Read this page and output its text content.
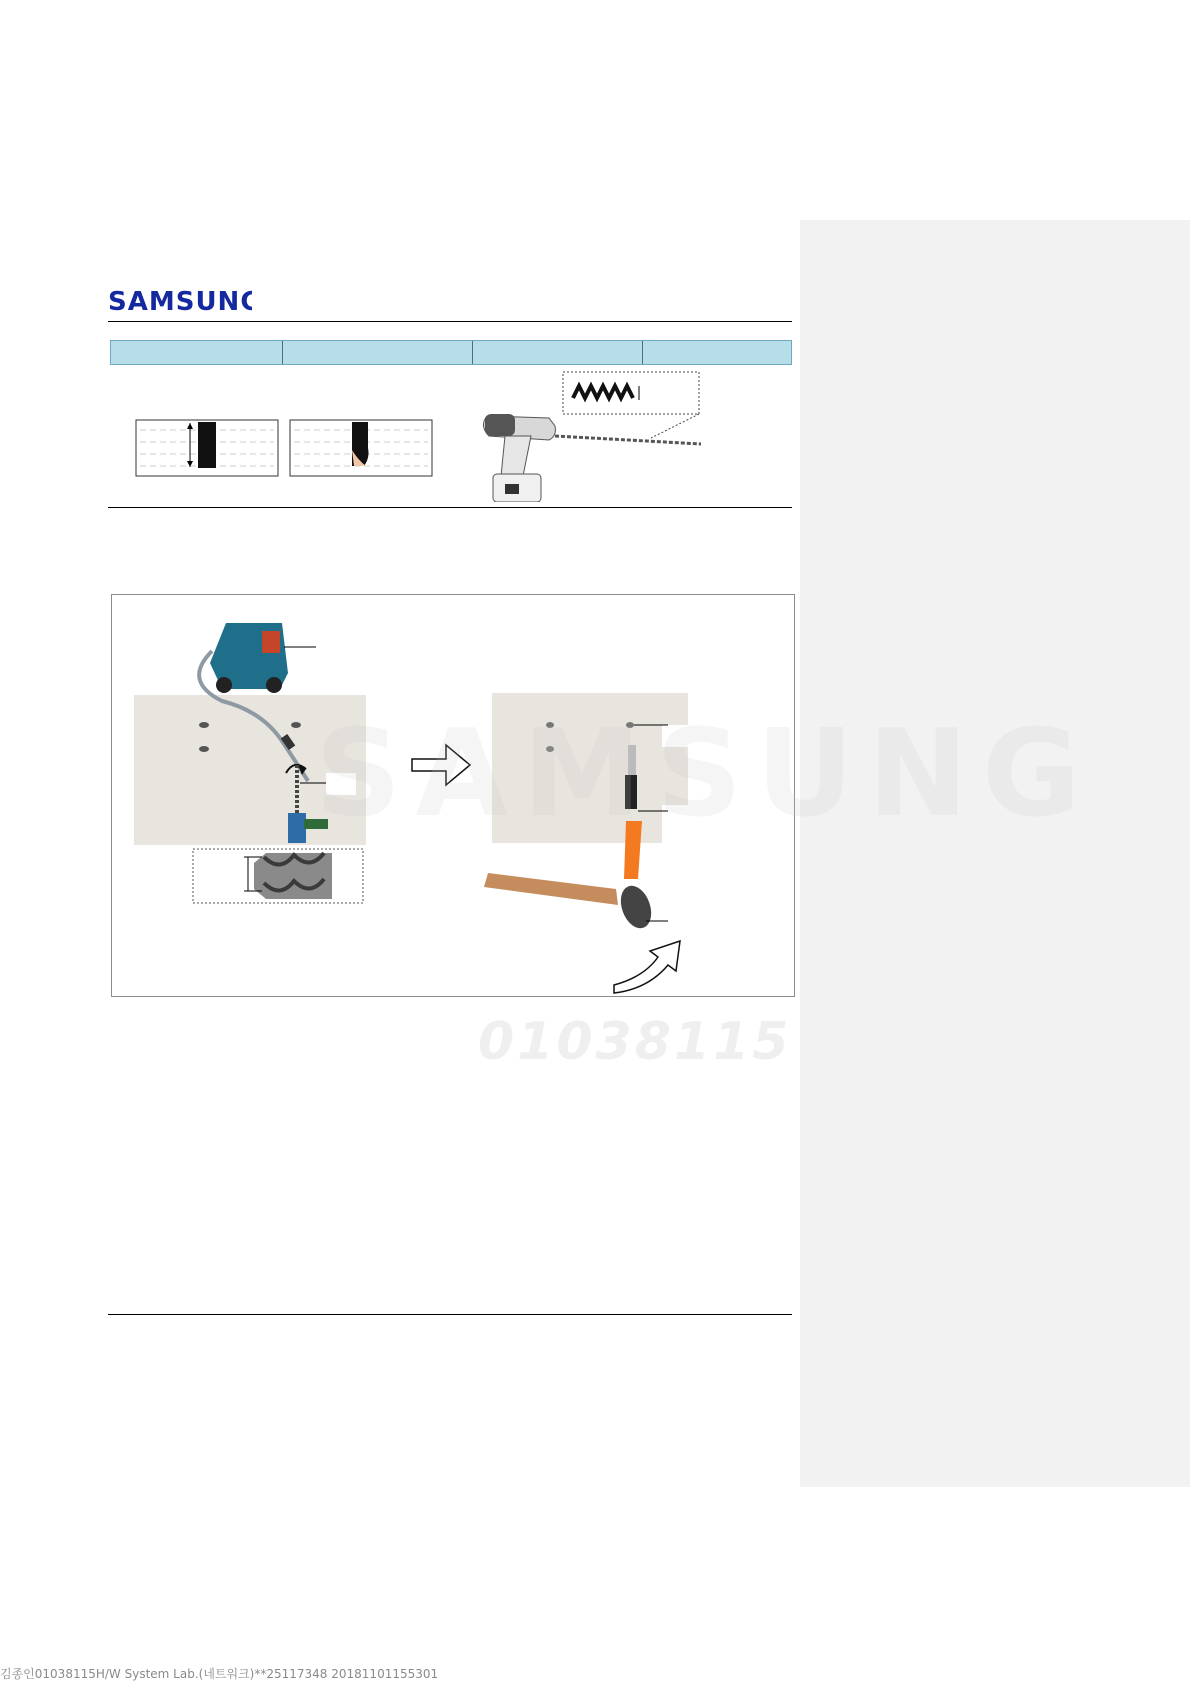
SAMSUNG
01038115
김종인01038115H/W System Lab.(네트워크)**25117348 20181101155301
